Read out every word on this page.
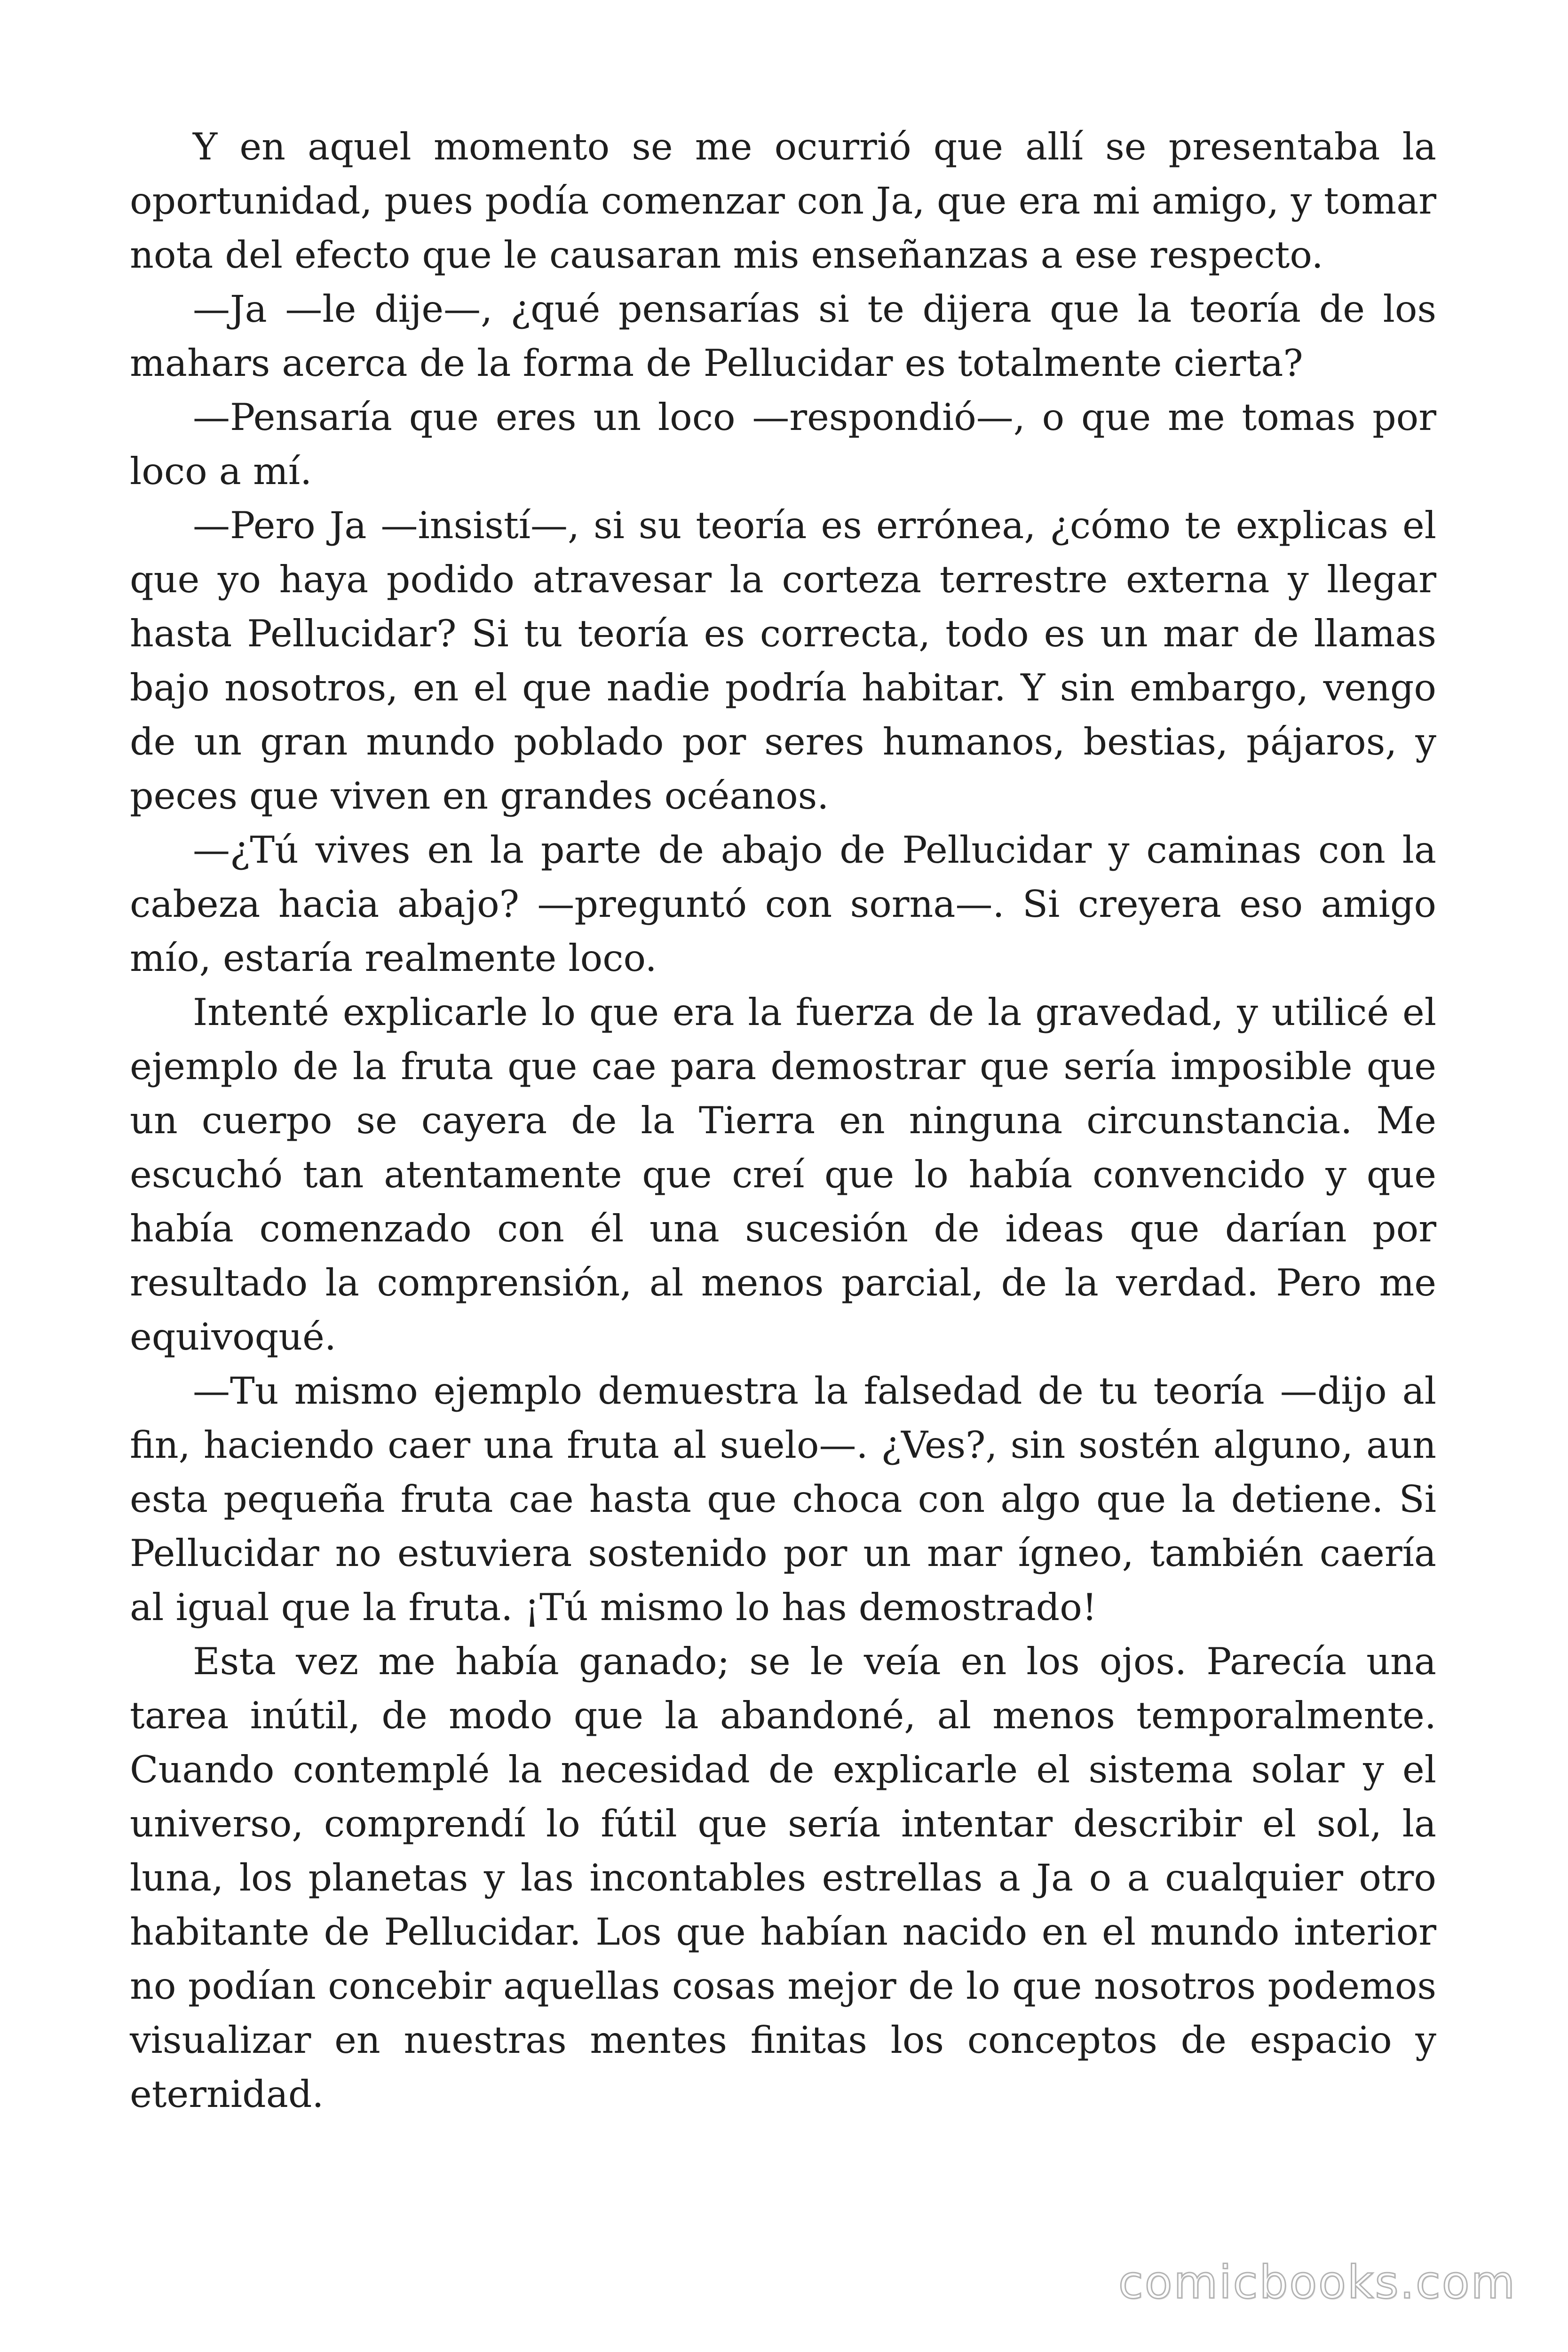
Y en aquel momento se me ocurrió que allí se presentaba la oportunidad, pues podía comenzar con Ja, que era mi amigo, y tomar nota del efecto que le causaran mis enseñanzas a ese respecto.

—Ja —le dije—, ¿qué pensarías si te dijera que la teoría de los mahars acerca de la forma de Pellucidar es totalmente cierta?

—Pensaría que eres un loco —respondió—, o que me tomas por loco a mí.

—Pero Ja —insistí—, si su teoría es errónea, ¿cómo te explicas el que yo haya podido atravesar la corteza terrestre externa y llegar hasta Pellucidar? Si tu teoría es correcta, todo es un mar de llamas bajo nosotros, en el que nadie podría habitar. Y sin embargo, vengo de un gran mundo poblado por seres humanos, bestias, pájaros, y peces que viven en grandes océanos.

—¿Tú vives en la parte de abajo de Pellucidar y caminas con la cabeza hacia abajo? —preguntó con sorna—. Si creyera eso amigo mío, estaría realmente loco.

Intenté explicarle lo que era la fuerza de la gravedad, y utilicé el ejemplo de la fruta que cae para demostrar que sería imposible que un cuerpo se cayera de la Tierra en ninguna circunstancia. Me escuchó tan atentamente que creí que lo había convencido y que había comenzado con él una sucesión de ideas que darían por resultado la comprensión, al menos parcial, de la verdad. Pero me equivoqué.

—Tu mismo ejemplo demuestra la falsedad de tu teoría —dijo al fin, haciendo caer una fruta al suelo—. ¿Ves?, sin sostén alguno, aun esta pequeña fruta cae hasta que choca con algo que la detiene. Si Pellucidar no estuviera sostenido por un mar ígneo, también caería al igual que la fruta. ¡Tú mismo lo has demostrado!

Esta vez me había ganado; se le veía en los ojos. Parecía una tarea inútil, de modo que la abandoné, al menos temporalmente. Cuando contemplé la necesidad de explicarle el sistema solar y el universo, comprendí lo fútil que sería intentar describir el sol, la luna, los planetas y las incontables estrellas a Ja o a cualquier otro habitante de Pellucidar. Los que habían nacido en el mundo interior no podían concebir aquellas cosas mejor de lo que nosotros podemos visualizar en nuestras mentes finitas los conceptos de espacio y eternidad.

comicbooks.com
